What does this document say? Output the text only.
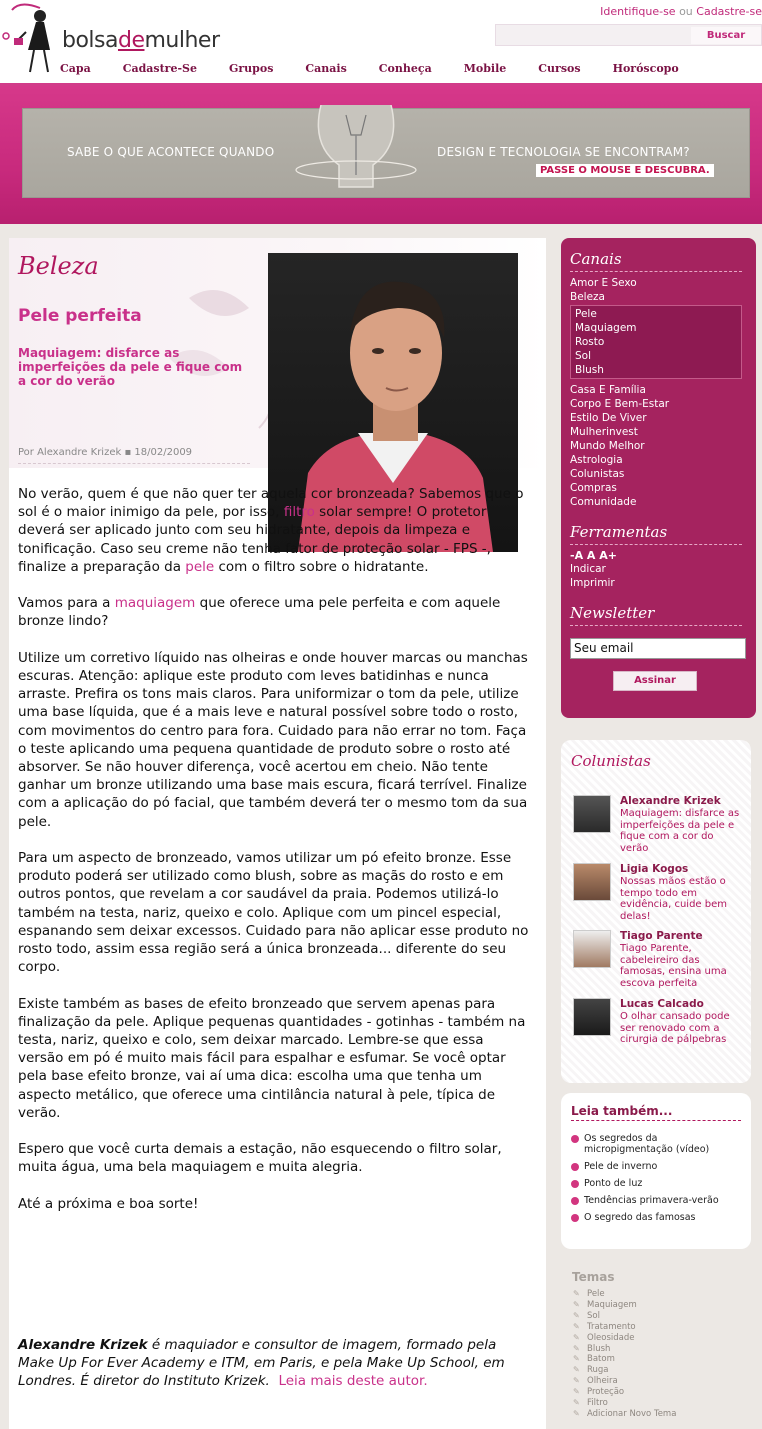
bolsademulher
Identifique-se ou Cadastre-se
Buscar
Capa	Cadastre-Se	Grupos	Canais	Conheça	Mobile	Cursos	Horóscopo
SABE O QUE ACONTECE QUANDO	DESIGN E TECNOLOGIA SE ENCONTRAM?
PASSE O MOUSE E DESCUBRA.
Beleza
Pele perfeita
Maquiagem: disfarce as imperfeições da pele e fique com a cor do verão
Por Alexandre Krizek ▪ 18/02/2009

No verão, quem é que não quer ter aquela cor bronzeada? Sabemos que o sol é o maior inimigo da pele, por isso, filtro solar sempre! O protetor deverá ser aplicado junto com seu hidratante, depois da limpeza e tonificação. Caso seu creme não tenha fator de proteção solar - FPS -, finalize a preparação da pele com o filtro sobre o hidratante.

Vamos para a maquiagem que oferece uma pele perfeita e com aquele bronze lindo?

Utilize um corretivo líquido nas olheiras e onde houver marcas ou manchas escuras. Atenção: aplique este produto com leves batidinhas e nunca arraste. Prefira os tons mais claros. Para uniformizar o tom da pele, utilize uma base líquida, que é a mais leve e natural possível sobre todo o rosto, com movimentos do centro para fora. Cuidado para não errar no tom. Faça o teste aplicando uma pequena quantidade de produto sobre o rosto até absorver. Se não houver diferença, você acertou em cheio. Não tente ganhar um bronze utilizando uma base mais escura, ficará terrível. Finalize com a aplicação do pó facial, que também deverá ter o mesmo tom da sua pele.

Para um aspecto de bronzeado, vamos utilizar um pó efeito bronze. Esse produto poderá ser utilizado como blush, sobre as maçãs do rosto e em outros pontos, que revelam a cor saudável da praia. Podemos utilizá-lo também na testa, nariz, queixo e colo. Aplique com um pincel especial, espanando sem deixar excessos. Cuidado para não aplicar esse produto no rosto todo, assim essa região será a única bronzeada... diferente do seu corpo.

Existe também as bases de efeito bronzeado que servem apenas para finalização da pele. Aplique pequenas quantidades - gotinhas - também na testa, nariz, queixo e colo, sem deixar marcado. Lembre-se que essa versão em pó é muito mais fácil para espalhar e esfumar. Se você optar pela base efeito bronze, vai aí uma dica: escolha uma que tenha um aspecto metálico, que oferece uma cintilância natural à pele, típica de verão.

Espero que você curta demais a estação, não esquecendo o filtro solar, muita água, uma bela maquiagem e muita alegria.

Até a próxima e boa sorte!

Alexandre Krizek é maquiador e consultor de imagem, formado pela Make Up For Ever Academy e ITM, em Paris, e pela Make Up School, em Londres. É diretor do Instituto Krizek. Leia mais deste autor.
Canais
Amor E Sexo
Beleza
Pele
Maquiagem
Rosto
Sol
Blush
Casa E Família
Corpo E Bem-Estar
Estilo De Viver
Mulherinvest
Mundo Melhor
Astrologia
Colunistas
Compras
Comunidade
Ferramentas
-A A A+
Indicar
Imprimir
Newsletter
Seu email
Assinar
Colunistas
Alexandre Krizek
Maquiagem: disfarce as imperfeições da pele e fique com a cor do verão
Ligia Kogos
Nossas mãos estão o tempo todo em evidência, cuide bem delas!
Tiago Parente
Tiago Parente, cabeleireiro das famosas, ensina uma escova perfeita
Lucas Calcado
O olhar cansado pode ser renovado com a cirurgia de pálpebras
Leia também...
Os segredos da micropigmentação (vídeo)
Pele de inverno
Ponto de luz
Tendências primavera-verão
O segredo das famosas
Temas
✎ Pele
✎ Maquiagem
✎ Sol
✎ Tratamento
✎ Oleosidade
✎ Blush
✎ Batom
✎ Ruga
✎ Olheira
✎ Proteção
✎ Filtro
✎ Adicionar Novo Tema
